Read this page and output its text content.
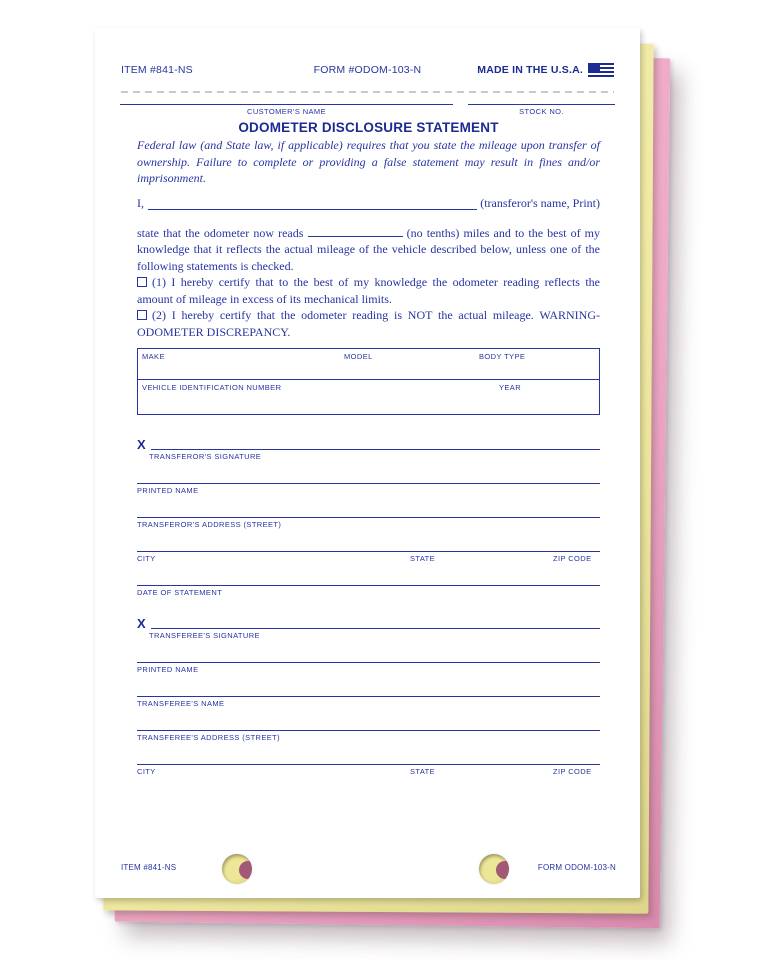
FORM #ODOM-103-N
ITEM #841-NS	MADE IN THE U.S.A.
CUSTOMER'S NAME	STOCK NO.
ODOMETER DISCLOSURE STATEMENT

Federal law (and State law, if applicable) requires that you state the mileage upon transfer of ownership. Failure to complete or providing a false statement may result in fines and/or imprisonment.

I,	(transferor's name, Print)

state that the odometer now reads	(no tenths) miles and to the best of my knowledge that it reflects the actual mileage of the vehicle described below, unless one of the following statements is checked.

(1) I hereby certify that to the best of my knowledge the odometer reading reflects the amount of mileage in excess of its mechanical limits.

(2) I hereby certify that the odometer reading is NOT the actual mileage. WARNING-ODOMETER DISCREPANCY.

MAKE	MODEL	BODY TYPE
VEHICLE IDENTIFICATION NUMBER	YEAR
X
TRANSFEROR'S SIGNATURE
PRINTED NAME
TRANSFEROR'S ADDRESS (STREET)
CITY	STATE	ZIP CODE
DATE OF STATEMENT
X
TRANSFEREE'S SIGNATURE
PRINTED NAME
TRANSFEREE'S NAME
TRANSFEREE'S ADDRESS (STREET)
CITY	STATE	ZIP CODE
ITEM #841-NS	FORM ODOM-103-N
